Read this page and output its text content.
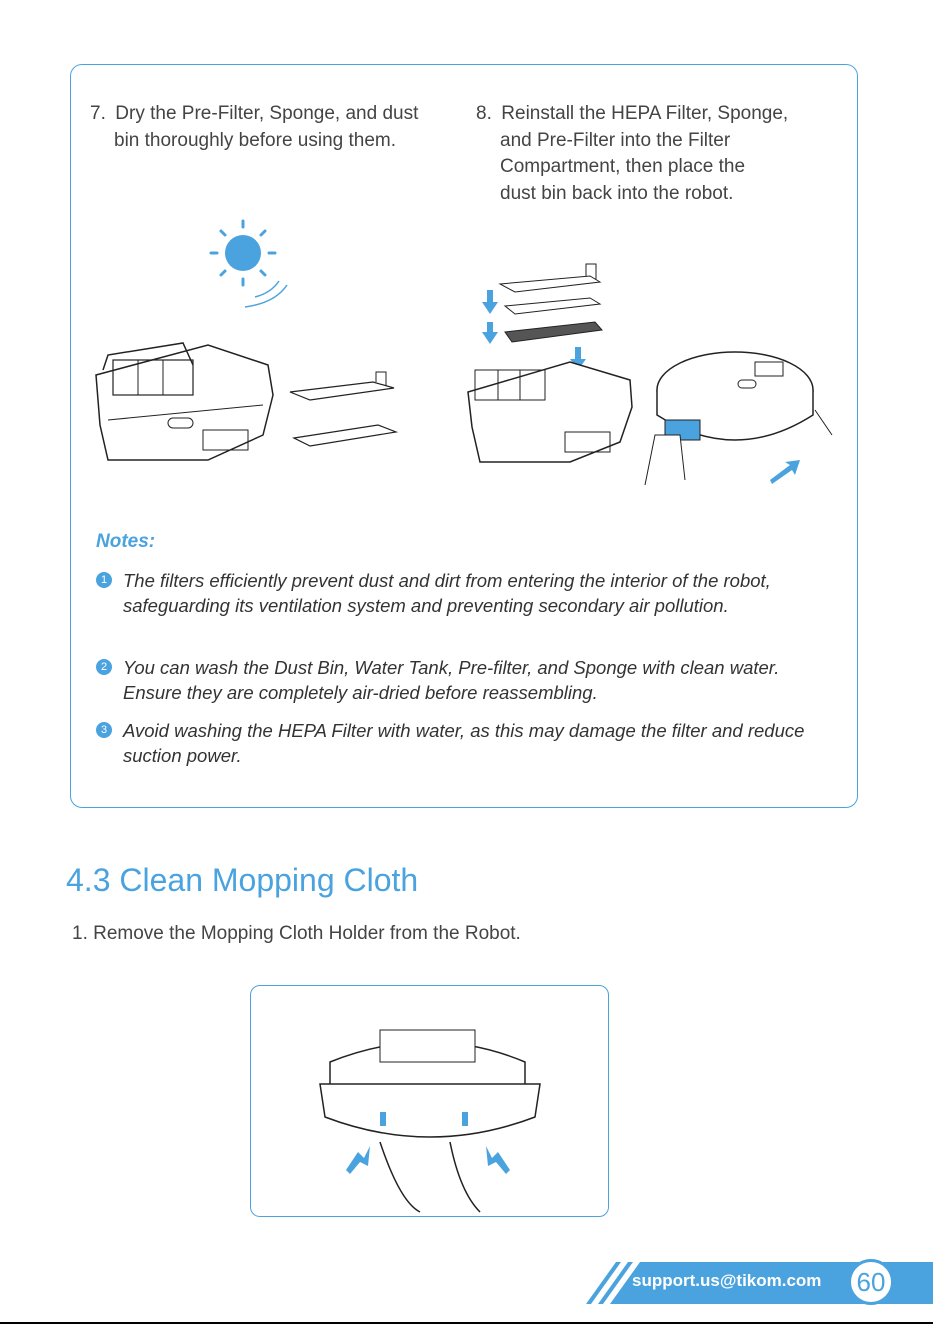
7. Dry the Pre-Filter, Sponge, and dust
bin thoroughly before using them.
8. Reinstall the HEPA Filter, Sponge,
and Pre-Filter into the Filter
Compartment, then place the
dust bin back into the robot.
Notes:
1 The filters efficiently prevent dust and dirt from entering the interior of the robot, safeguarding its ventilation system and preventing secondary air pollution.
2 You can wash the Dust Bin, Water Tank, Pre-filter, and Sponge with clean water. Ensure they are completely air-dried before reassembling.
3 Avoid washing the HEPA Filter with water, as this may damage the filter and reduce suction power.
4.3 Clean Mopping Cloth
1. Remove the Mopping Cloth Holder from the Robot.
support.us@tikom.com	60
